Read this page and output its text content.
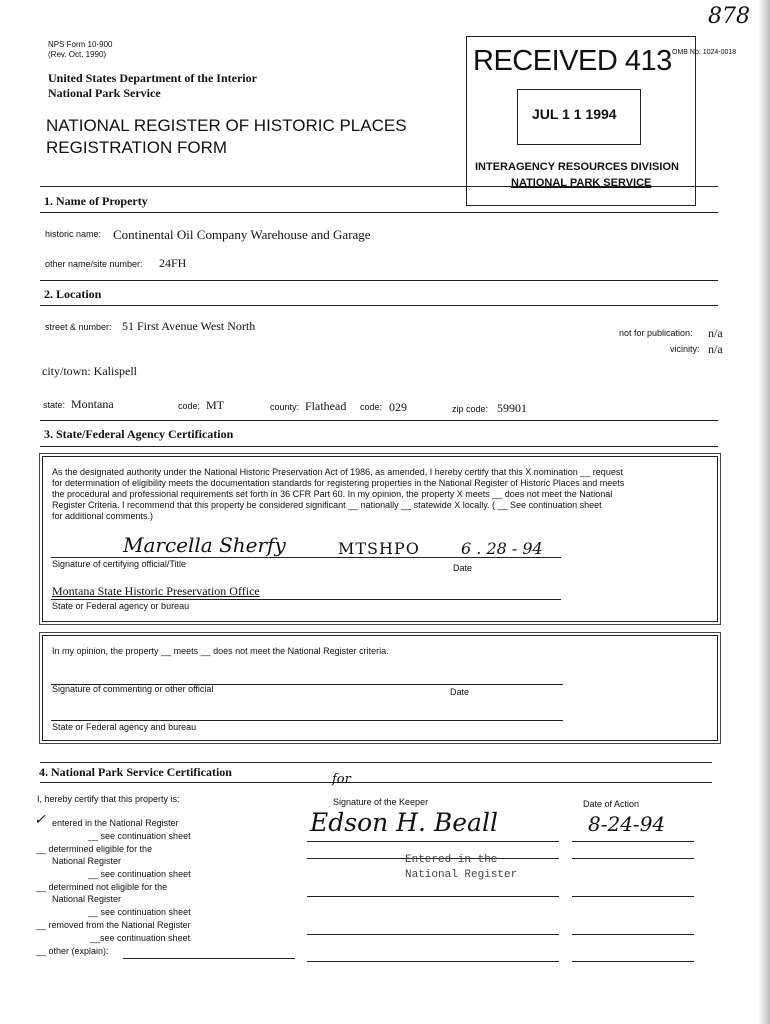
878
NPS Form 10-900
(Rev. Oct. 1990)
United States Department of the Interior
National Park Service
NATIONAL REGISTER OF HISTORIC PLACES
REGISTRATION FORM
OMB No. 1024-0018
RECEIVED 413
JUL 1 1 1994
INTERAGENCY RESOURCES DIVISION
NATIONAL PARK SERVICE
1. Name of Property
historic name: Continental Oil Company Warehouse and Garage
other name/site number: 24FH
2. Location
street & number: 51 First Avenue West North	not for publication: n/a
vicinity: n/a
city/town: Kalispell
state: Montana	code: MT	county: Flathead code: 029	zip code: 59901
3. State/Federal Agency Certification
As the designated authority under the National Historic Preservation Act of 1986, as amended, I hereby certify that this X nomination __ request
for determination of eligibility meets the documentation standards for registering properties in the National Register of Historic Places and meets
the procedural and professional requirements set forth in 36 CFR Part 60. In my opinion, the property X meets __ does not meet the National
Register Criteria. I recommend that this property be considered significant __ nationally __ statewide X locally. ( __ See continuation sheet
for additional comments.)
Marcella Sherfy	MTSHPO	6 . 28 - 94
Signature of certifying official/Title	Date
Montana State Historic Preservation Office
State or Federal agency or bureau
In my opinion, the property __ meets __ does not meet the National Register criteria.
Signature of commenting or other official	Date
State or Federal agency and bureau
4. National Park Service Certification	for
I, hereby certify that this property is:	Signature of the Keeper	Date of Action
Edson H. Beall	8-24-94
Entered in the
National Register
✓ entered in the National Register
__ see continuation sheet
__ determined eligible for the
National Register
__ see continuation sheet
__ determined not eligible for the
National Register
__ see continuation sheet
__ removed from the National Register
__see continuation sheet
__ other (explain):
